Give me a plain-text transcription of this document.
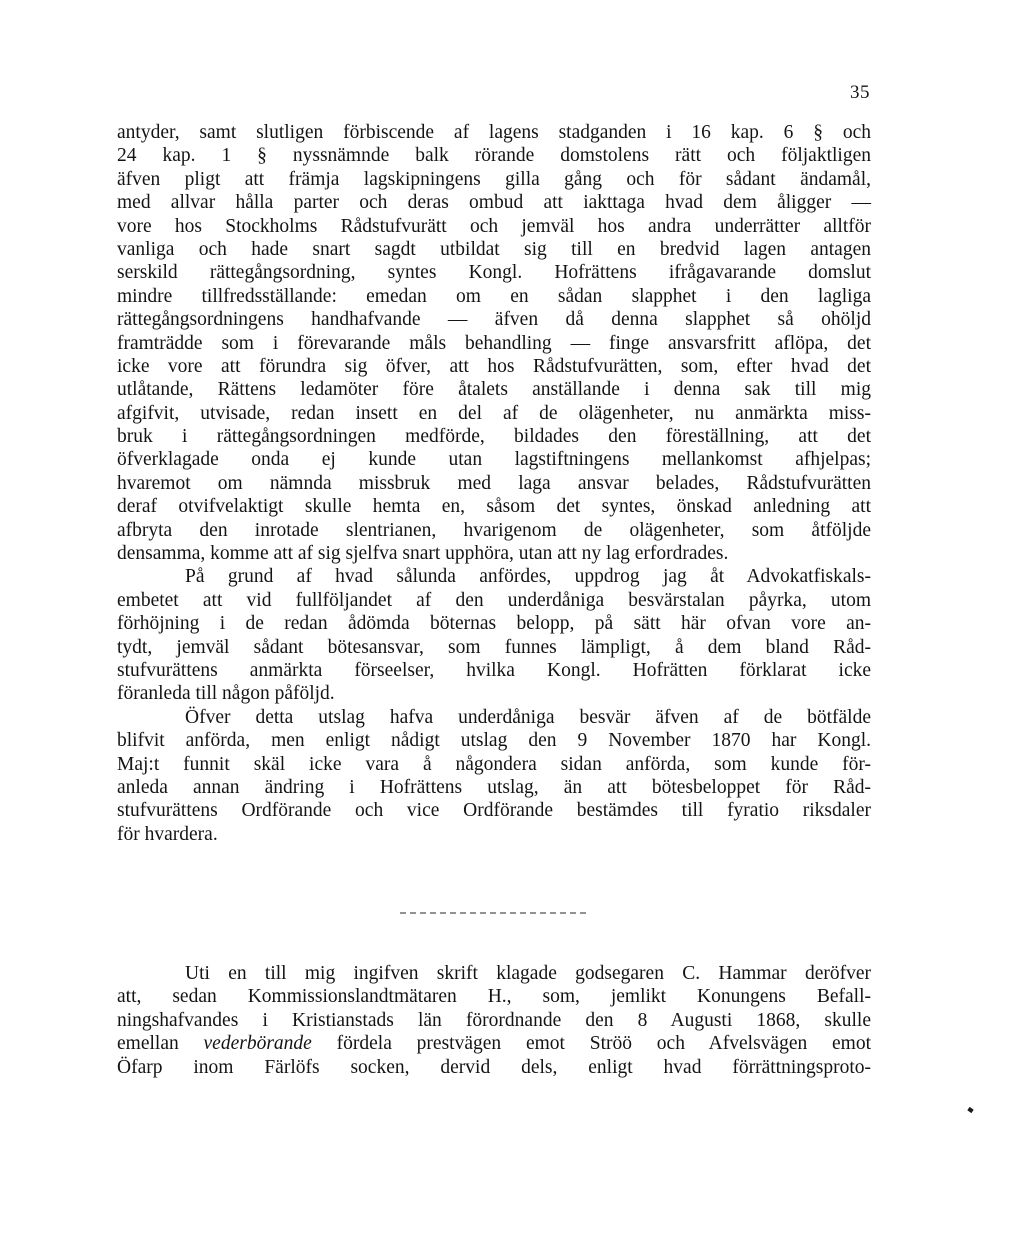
35
antyder, samt slutligen förbiscende af lagens stadganden i 16 kap. 6 § och
24 kap. 1 § nyssnämnde balk rörande domstolens rätt och följaktligen
äfven pligt att främja lagskipningens gilla gång och för sådant ändamål,
med allvar hålla parter och deras ombud att iakttaga hvad dem åligger —
vore hos Stockholms Rådstufvurätt och jemväl hos andra underrätter alltför
vanliga och hade snart sagdt utbildat sig till en bredvid lagen antagen
serskild rättegångsordning, syntes Kongl. Hofrättens ifrågavarande domslut
mindre tillfredsställande: emedan om en sådan slapphet i den lagliga
rättegångsordningens handhafvande — äfven då denna slapphet så ohöljd
framträdde som i förevarande måls behandling — finge ansvarsfritt aflöpa, det
icke vore att förundra sig öfver, att hos Rådstufvurätten, som, efter hvad det
utlåtande, Rättens ledamöter före åtalets anställande i denna sak till mig
afgifvit, utvisade, redan insett en del af de olägenheter, nu anmärkta miss-
bruk i rättegångsordningen medförde, bildades den föreställning, att det
öfverklagade onda ej kunde utan lagstiftningens mellankomst afhjelpas;
hvaremot om nämnda missbruk med laga ansvar belades, Rådstufvurätten
deraf otvifvelaktigt skulle hemta en, såsom det syntes, önskad anledning att
afbryta den inrotade slentrianen, hvarigenom de olägenheter, som åtföljde
densamma, komme att af sig sjelfva snart upphöra, utan att ny lag erfordrades.
På grund af hvad sålunda anfördes, uppdrog jag åt Advokatfiskals-
embetet att vid fullföljandet af den underdåniga besvärstalan påyrka, utom
förhöjning i de redan ådömda böternas belopp, på sätt här ofvan vore an-
tydt, jemväl sådant bötesansvar, som funnes lämpligt, å dem bland Råd-
stufvurättens anmärkta förseelser, hvilka Kongl. Hofrätten förklarat icke
föranleda till någon påföljd.
Öfver detta utslag hafva underdåniga besvär äfven af de bötfälde
blifvit anförda, men enligt nådigt utslag den 9 November 1870 har Kongl.
Maj:t funnit skäl icke vara å någondera sidan anförda, som kunde för-
anleda annan ändring i Hofrättens utslag, än att bötesbeloppet för Råd-
stufvurättens Ordförande och vice Ordförande bestämdes till fyratio riksdaler
för hvardera.
Uti en till mig ingifven skrift klagade godsegaren C. Hammar deröfver
att, sedan Kommissionslandtmätaren H., som, jemlikt Konungens Befall-
ningshafvandes i Kristianstads län förordnande den 8 Augusti 1868, skulle
emellan vederbörande fördela prestvägen emot Strӧö och Afvelsvägen emot
Öfarp inom Färlöfs socken, dervid dels, enligt hvad förrättningsproto-
